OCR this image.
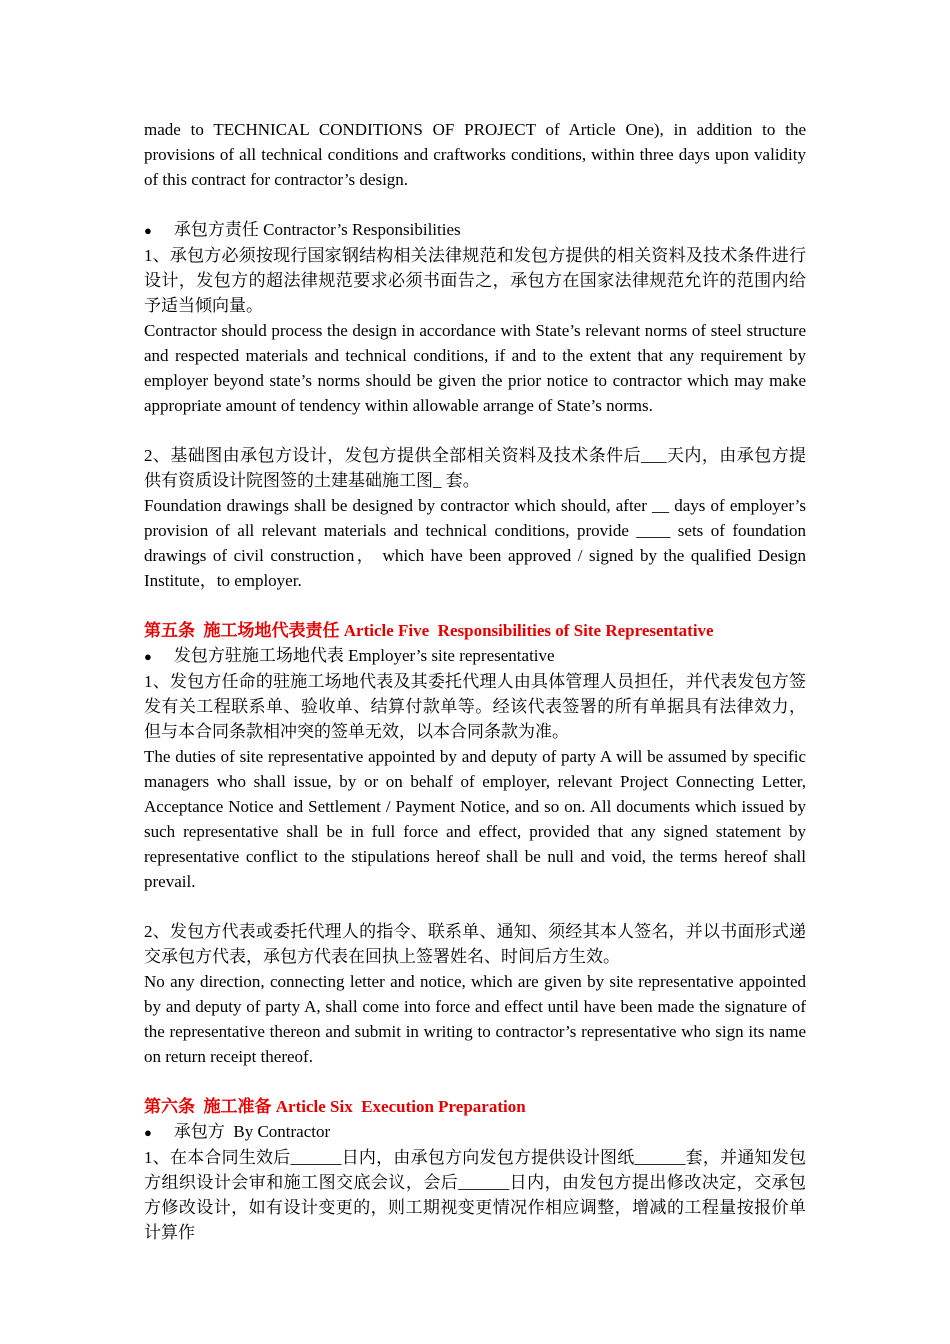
made to TECHNICAL CONDITIONS OF PROJECT of Article One), in addition to the provisions of all technical conditions and craftworks conditions, within three days upon validity of this contract for contractor’s design.

● 承包方责任 Contractor’s Responsibilities

1、承包方必须按现行国家钢结构相关法律规范和发包方提供的相关资料及技术条件进行设计，发包方的超法律规范要求必须书面告之，承包方在国家法律规范允许的范围内给予适当倾向量。

Contractor should process the design in accordance with State’s relevant norms of steel structure and respected materials and technical conditions, if and to the extent that any requirement by employer beyond state’s norms should be given the prior notice to contractor which may make appropriate amount of tendency within allowable arrange of State’s norms.

2、基础图由承包方设计，发包方提供全部相关资料及技术条件后___天内，由承包方提供有资质设计院图签的土建基础施工图_ 套。

Foundation drawings shall be designed by contractor which should, after __ days of employer’s provision of all relevant materials and technical conditions, provide ____ sets of foundation drawings of civil construction， which have been approved / signed by the qualified Design Institute，to employer.

第五条  施工场地代表责任 Article Five  Responsibilities of Site Representative
● 发包方驻施工场地代表 Employer’s site representative

1、发包方任命的驻施工场地代表及其委托代理人由具体管理人员担任，并代表发包方签发有关工程联系单、验收单、结算付款单等。经该代表签署的所有单据具有法律效力，但与本合同条款相冲突的签单无效，以本合同条款为准。

The duties of site representative appointed by and deputy of party A will be assumed by specific managers who shall issue, by or on behalf of employer, relevant Project Connecting Letter, Acceptance Notice and Settlement / Payment Notice, and so on. All documents which issued by such representative shall be in full force and effect, provided that any signed statement by representative conflict to the stipulations hereof shall be null and void, the terms hereof shall prevail.

2、发包方代表或委托代理人的指令、联系单、通知、须经其本人签名，并以书面形式递交承包方代表，承包方代表在回执上签署姓名、时间后方生效。

No any direction, connecting letter and notice, which are given by site representative appointed by and deputy of party A, shall come into force and effect until have been made the signature of the representative thereon and submit in writing to contractor’s representative who sign its name on return receipt thereof.

第六条  施工准备 Article Six  Execution Preparation
● 承包方  By Contractor

1、在本合同生效后______日内，由承包方向发包方提供设计图纸______套，并通知发包方组织设计会审和施工图交底会议，会后______日内，由发包方提出修改决定，交承包方修改设计，如有设计变更的，则工期视变更情况作相应调整，增减的工程量按报价单计算作
